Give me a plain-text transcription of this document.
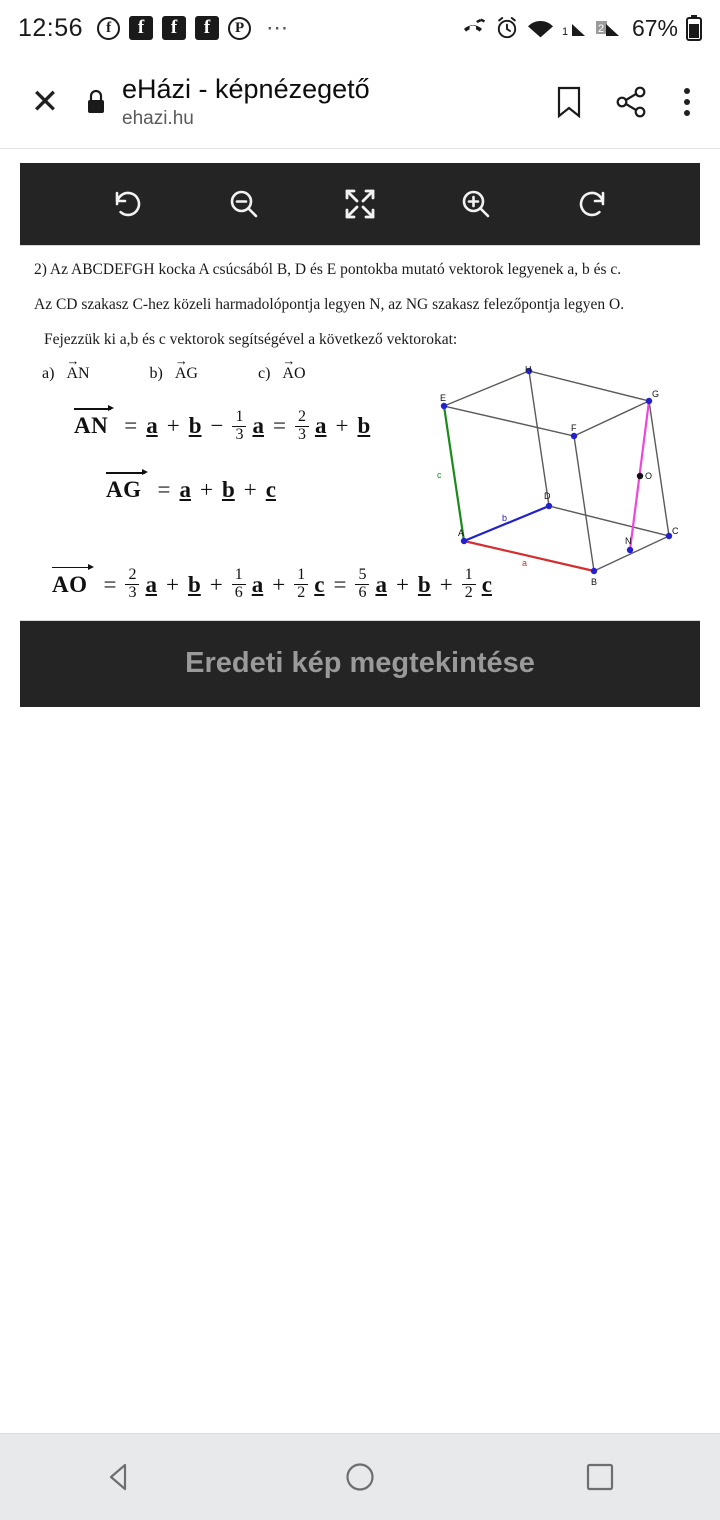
12:56	f	f	f	f	P ⋯	1	2 67%
✕	eHázi - képnézegető
ehazi.hu

2) Az ABCDEFGH kocka A csúcsából B, D és E pontokba mutató vektorok legyenek a, b és c.

Az CD szakasz C-hez közeli harmadolópontja legyen N, az NG szakasz felezőpontja legyen O.

Fejezzük ki a,b és c vektorok segítségével a következő vektorokat:

a)
→
AN	b)
→
AG	c)
→
AO
A
B
C
D
E
F
G
H
N
O
a
b
c
AN = $a + b - \frac{1}{3}$ $a = \frac{2}{3}$ a + b
AG = a + b + c
AO = $\frac{2}{3}$ $a + b + \frac{1}{6}$ $a + \frac{1}{2}$ $c = \frac{5}{6}$ $a + b + \frac{1}{2}$ c
Eredeti kép megtekintése
